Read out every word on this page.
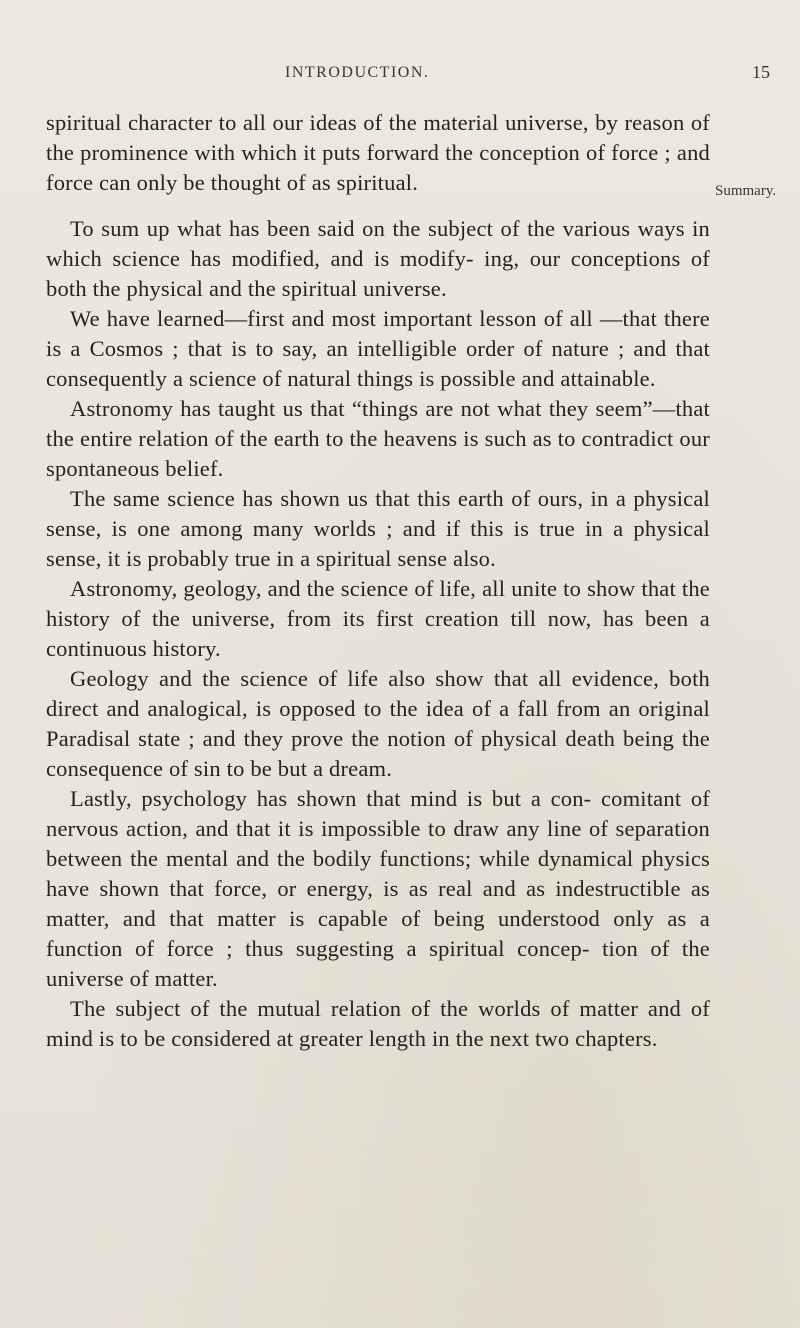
INTRODUCTION.	15
Summary.

spiritual character to all our ideas of the material universe, by reason of the prominence with which it puts forward the conception of force ; and force can only be thought of as spiritual.

To sum up what has been said on the subject of the various ways in which science has modified, and is modify- ing, our conceptions of both the physical and the spiritual universe.

We have learned—first and most important lesson of all —that there is a Cosmos ; that is to say, an intelligible order of nature ; and that consequently a science of natural things is possible and attainable.

Astronomy has taught us that “things are not what they seem”—that the entire relation of the earth to the heavens is such as to contradict our spontaneous belief.

The same science has shown us that this earth of ours, in a physical sense, is one among many worlds ; and if this is true in a physical sense, it is probably true in a spiritual sense also.

Astronomy, geology, and the science of life, all unite to show that the history of the universe, from its first creation till now, has been a continuous history.

Geology and the science of life also show that all evidence, both direct and analogical, is opposed to the idea of a fall from an original Paradisal state ; and they prove the notion of physical death being the consequence of sin to be but a dream.

Lastly, psychology has shown that mind is but a con- comitant of nervous action, and that it is impossible to draw any line of separation between the mental and the bodily functions; while dynamical physics have shown that force, or energy, is as real and as indestructible as matter, and that matter is capable of being understood only as a function of force ; thus suggesting a spiritual concep- tion of the universe of matter.

The subject of the mutual relation of the worlds of matter and of mind is to be considered at greater length in the next two chapters.
